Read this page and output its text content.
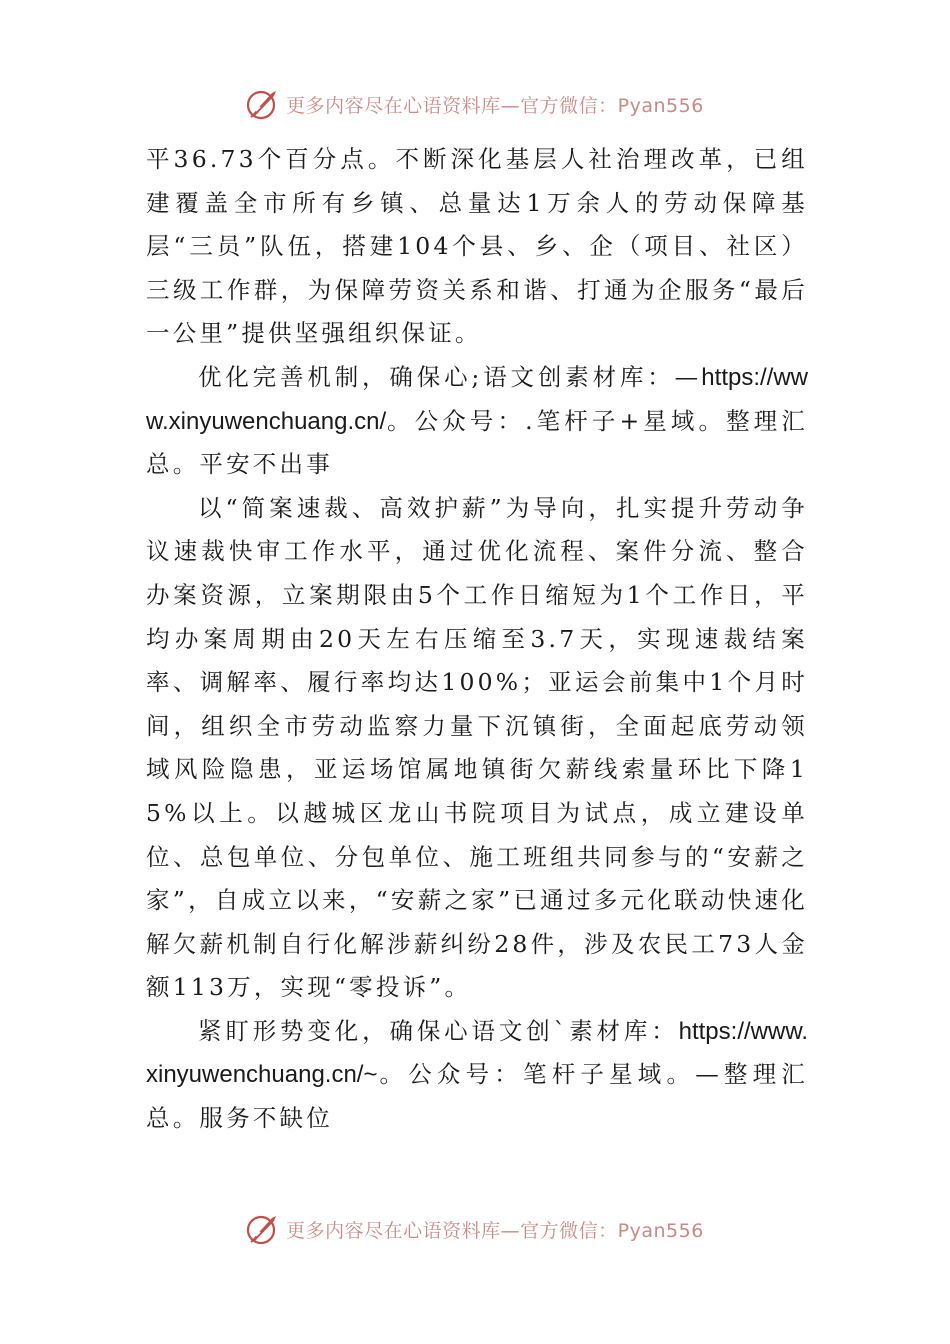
更多内容尽在心语资料库—官方微信：Pyan556

平36.73个百分点。不断深化基层人社治理改革，已组建覆盖全市所有乡镇、总量达1万余人的劳动保障基层“三员”队伍，搭建104个县、乡、企（项目、社区）三级工作群，为保障劳资关系和谐、打通为企服务“最后一公里”提供坚强组织保证。

优化完善机制，确保心;语文创素材库：—https://www.xinyuwenchuang.cn/。公众号：.笔杆子+星域。整理汇总。平安不出事

以“简案速裁、高效护薪”为导向，扎实提升劳动争议速裁快审工作水平，通过优化流程、案件分流、整合办案资源，立案期限由5个工作日缩短为1个工作日，平均办案周期由20天左右压缩至3.7天，实现速裁结案率、调解率、履行率均达100%；亚运会前集中1个月时间，组织全市劳动监察力量下沉镇街，全面起底劳动领域风险隐患，亚运场馆属地镇街欠薪线索量环比下降15%以上。以越城区龙山书院项目为试点，成立建设单位、总包单位、分包单位、施工班组共同参与的“安薪之家”，自成立以来，“安薪之家”已通过多元化联动快速化解欠薪机制自行化解涉薪纠纷28件，涉及农民工73人金额113万，实现“零投诉”。

紧盯形势变化，确保心语文创`素材库：https://www.xinyuwenchuang.cn/~。公众号：笔杆子星域。—整理汇总。服务不缺位

更多内容尽在心语资料库—官方微信：Pyan556
